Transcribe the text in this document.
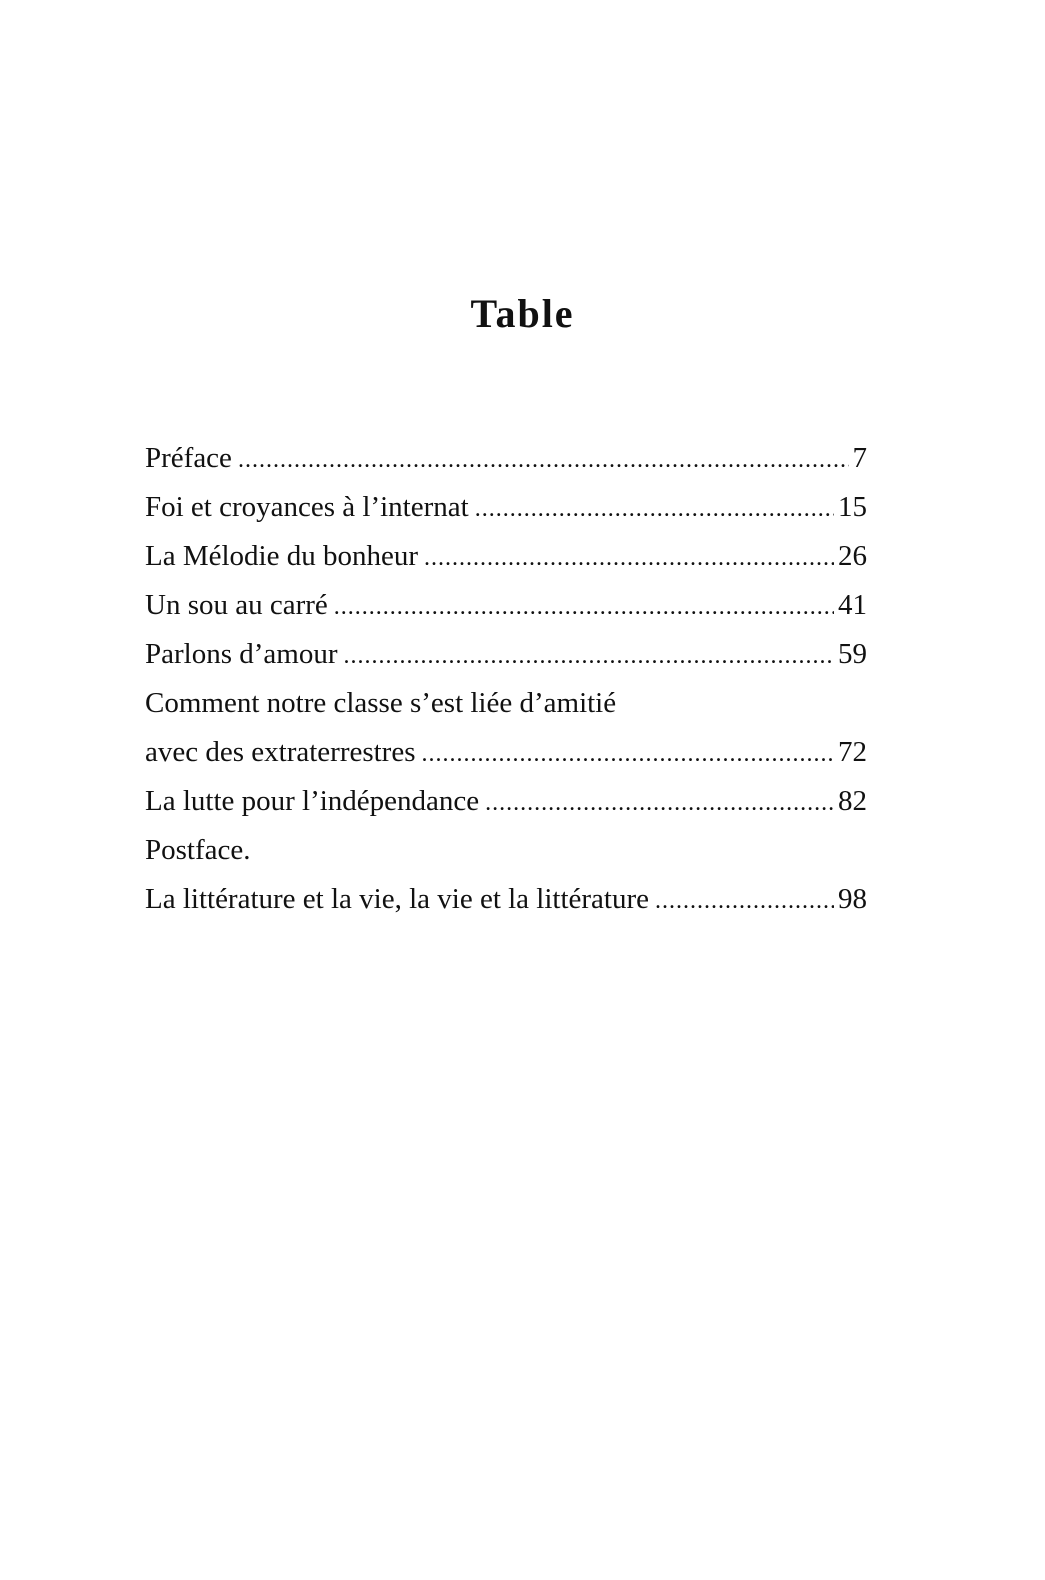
Table
Préface .....	7
Foi et croyances à l’internat .....	15
La Mélodie du bonheur .....	26
Un sou au carré .....	41
Parlons d’amour .....	59
Comment notre classe s’est liée d’amitié
avec des extraterrestres .....	72
La lutte pour l’indépendance .....	82
Postface.
La littérature et la vie, la vie et la littérature .....	98
